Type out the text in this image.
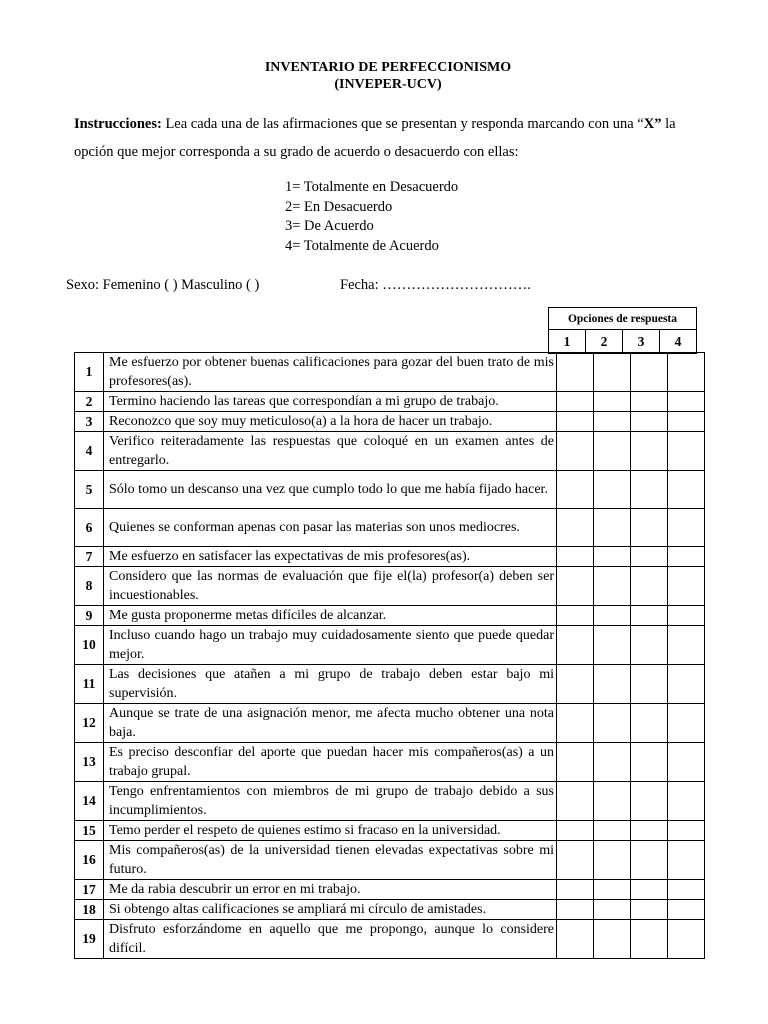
INVENTARIO DE PERFECCIONISMO
(INVEPER-UCV)
Instrucciones: Lea cada una de las afirmaciones que se presentan y responda marcando con una “X” la opción que mejor corresponda a su grado de acuerdo o desacuerdo con ellas:
1= Totalmente en Desacuerdo
2= En Desacuerdo
3= De Acuerdo
4= Totalmente de Acuerdo
Sexo: Femenino ( ) Masculino ( )	Fecha: ………………………….
Opciones de respuesta
1	2	3	4
1	Me esfuerzo por obtener buenas calificaciones para gozar del buen trato de mis profesores(as).				
2	Termino haciendo las tareas que correspondían a mi grupo de trabajo.				
3	Reconozco que soy muy meticuloso(a) a la hora de hacer un trabajo.				
4	Verifico reiteradamente las respuestas que coloqué en un examen antes de entregarlo.				
5	Sólo tomo un descanso una vez que cumplo todo lo que me había fijado hacer.				
6	Quienes se conforman apenas con pasar las materias son unos mediocres.				
7	Me esfuerzo en satisfacer las expectativas de mis profesores(as).				
8	Considero que las normas de evaluación que fije el(la) profesor(a) deben ser incuestionables.				
9	Me gusta proponerme metas difíciles de alcanzar.				
10	Incluso cuando hago un trabajo muy cuidadosamente siento que puede quedar mejor.				
11	Las decisiones que atañen a mi grupo de trabajo deben estar bajo mi supervisión.				
12	Aunque se trate de una asignación menor, me afecta mucho obtener una nota baja.				
13	Es preciso desconfiar del aporte que puedan hacer mis compañeros(as) a un trabajo grupal.				
14	Tengo enfrentamientos con miembros de mi grupo de trabajo debido a sus incumplimientos.				
15	Temo perder el respeto de quienes estimo si fracaso en la universidad.				
16	Mis compañeros(as) de la universidad tienen elevadas expectativas sobre mi futuro.				
17	Me da rabia descubrir un error en mi trabajo.				
18	Si obtengo altas calificaciones se ampliará mi círculo de amistades.				
19	Disfruto esforzándome en aquello que me propongo, aunque lo considere difícil.				
